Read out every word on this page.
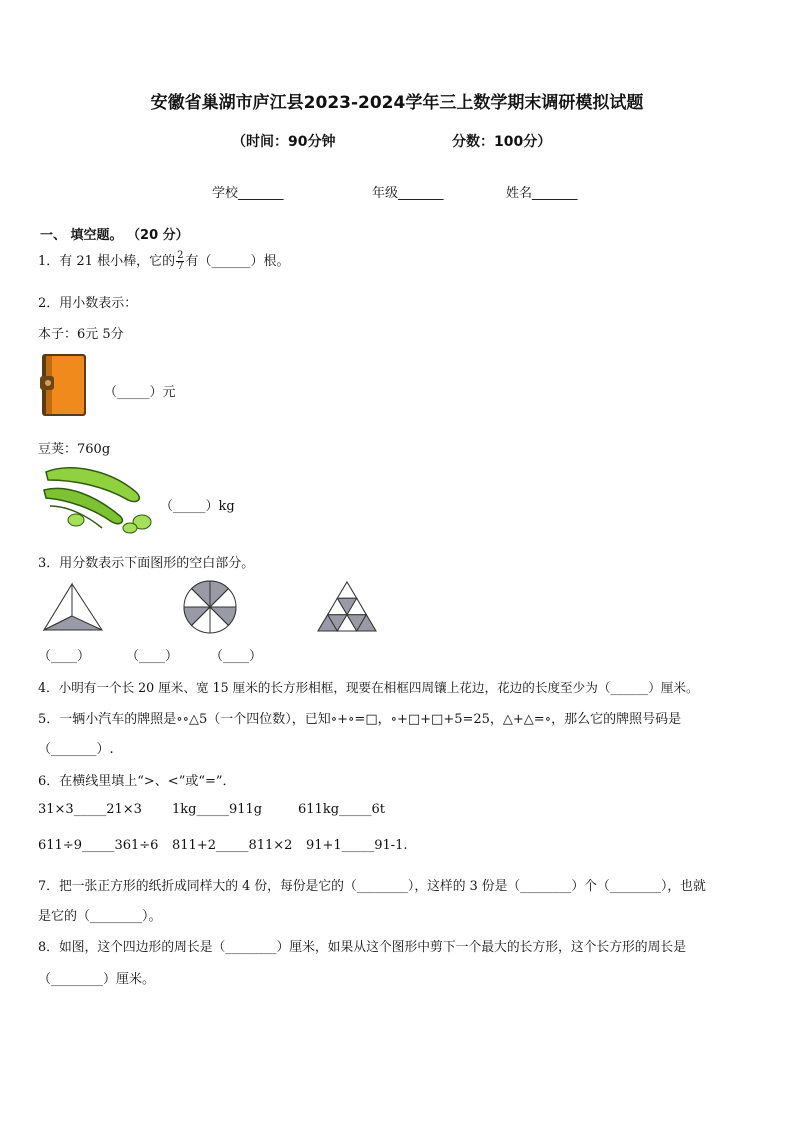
安徽省巢湖市庐江县2023-2024学年三上数学期末调研模拟试题
（时间：90分钟	分数：100分）
学校_______	年级_______	姓名_______
一、 填空题。 （20 分）
1．有 21 根小棒，它的 $\frac{2}{7}$ 有（______）根。
2．用小数表示：
本子：6元 5分
（_____）元
豆荚：760g
（_____）kg
3．用分数表示下面图形的空白部分。
（____）	（____） （____）
4．小明有一个长 20 厘米、宽 15 厘米的长方形相框，现要在相框四周镶上花边，花边的长度至少为（______）厘米。
5．一辆小汽车的牌照是∘∘△5（一个四位数），已知∘+∘=□，∘+□+□+5=25，△+△=∘，那么它的牌照号码是
（_______）.
6．在横线里填上“>、<”或“=”．
31×3_____21×3 1kg_____911g	611kg_____6t
611÷9_____361÷6 811+2_____811×2 91+1_____91-1.
7．把一张正方形的纸折成同样大的 4 份，每份是它的（________），这样的 3 份是（________）个（________），也就
是它的（________）。
8．如图，这个四边形的周长是（________）厘米，如果从这个图形中剪下一个最大的长方形，这个长方形的周长是
（________）厘米。
